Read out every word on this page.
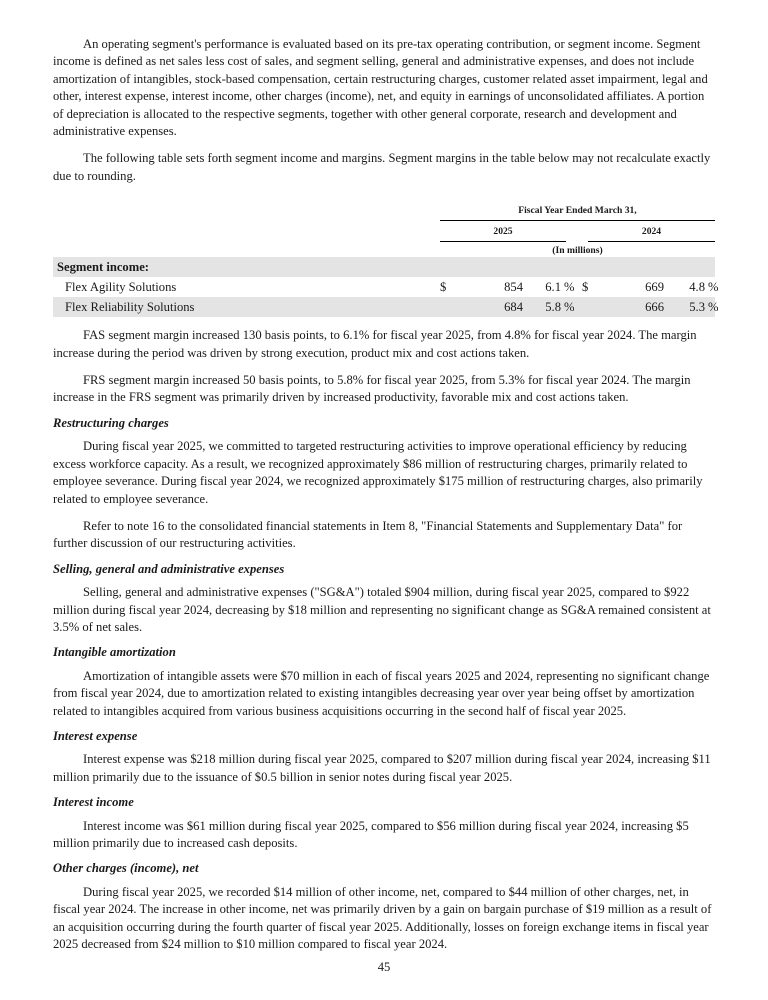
An operating segment's performance is evaluated based on its pre-tax operating contribution, or segment income. Segment income is defined as net sales less cost of sales, and segment selling, general and administrative expenses, and does not include amortization of intangibles, stock-based compensation, certain restructuring charges, customer related asset impairment, legal and other, interest expense, interest income, other charges (income), net, and equity in earnings of unconsolidated affiliates. A portion of depreciation is allocated to the respective segments, together with other general corporate, research and development and administrative expenses.

The following table sets forth segment income and margins. Segment margins in the table below may not recalculate exactly due to rounding.

Fiscal Year Ended March 31,
2025	2024
(In millions)
Segment income:
Flex Agility Solutions	$	854	6.1 % $	669	4.8 %
Flex Reliability Solutions	684	5.8 %	666	5.3 %

FAS segment margin increased 130 basis points, to 6.1% for fiscal year 2025, from 4.8% for fiscal year 2024. The margin increase during the period was driven by strong execution, product mix and cost actions taken.

FRS segment margin increased 50 basis points, to 5.8% for fiscal year 2025, from 5.3% for fiscal year 2024. The margin increase in the FRS segment was primarily driven by increased productivity, favorable mix and cost actions taken.

Restructuring charges

During fiscal year 2025, we committed to targeted restructuring activities to improve operational efficiency by reducing excess workforce capacity. As a result, we recognized approximately $86 million of restructuring charges, primarily related to employee severance. During fiscal year 2024, we recognized approximately $175 million of restructuring charges, also primarily related to employee severance.

Refer to note 16 to the consolidated financial statements in Item 8, "Financial Statements and Supplementary Data" for further discussion of our restructuring activities.

Selling, general and administrative expenses

Selling, general and administrative expenses ("SG&A") totaled $904 million, during fiscal year 2025, compared to $922 million during fiscal year 2024, decreasing by $18 million and representing no significant change as SG&A remained consistent at 3.5% of net sales.

Intangible amortization

Amortization of intangible assets were $70 million in each of fiscal years 2025 and 2024, representing no significant change from fiscal year 2024, due to amortization related to existing intangibles decreasing year over year being offset by amortization related to intangibles acquired from various business acquisitions occurring in the second half of fiscal year 2025.

Interest expense

Interest expense was $218 million during fiscal year 2025, compared to $207 million during fiscal year 2024, increasing $11 million primarily due to the issuance of $0.5 billion in senior notes during fiscal year 2025.

Interest income

Interest income was $61 million during fiscal year 2025, compared to $56 million during fiscal year 2024, increasing $5 million primarily due to increased cash deposits.

Other charges (income), net

During fiscal year 2025, we recorded $14 million of other income, net, compared to $44 million of other charges, net, in fiscal year 2024. The increase in other income, net was primarily driven by a gain on bargain purchase of $19 million as a result of an acquisition occurring during the fourth quarter of fiscal year 2025. Additionally, losses on foreign exchange items in fiscal year 2025 decreased from $24 million to $10 million compared to fiscal year 2024.

45
